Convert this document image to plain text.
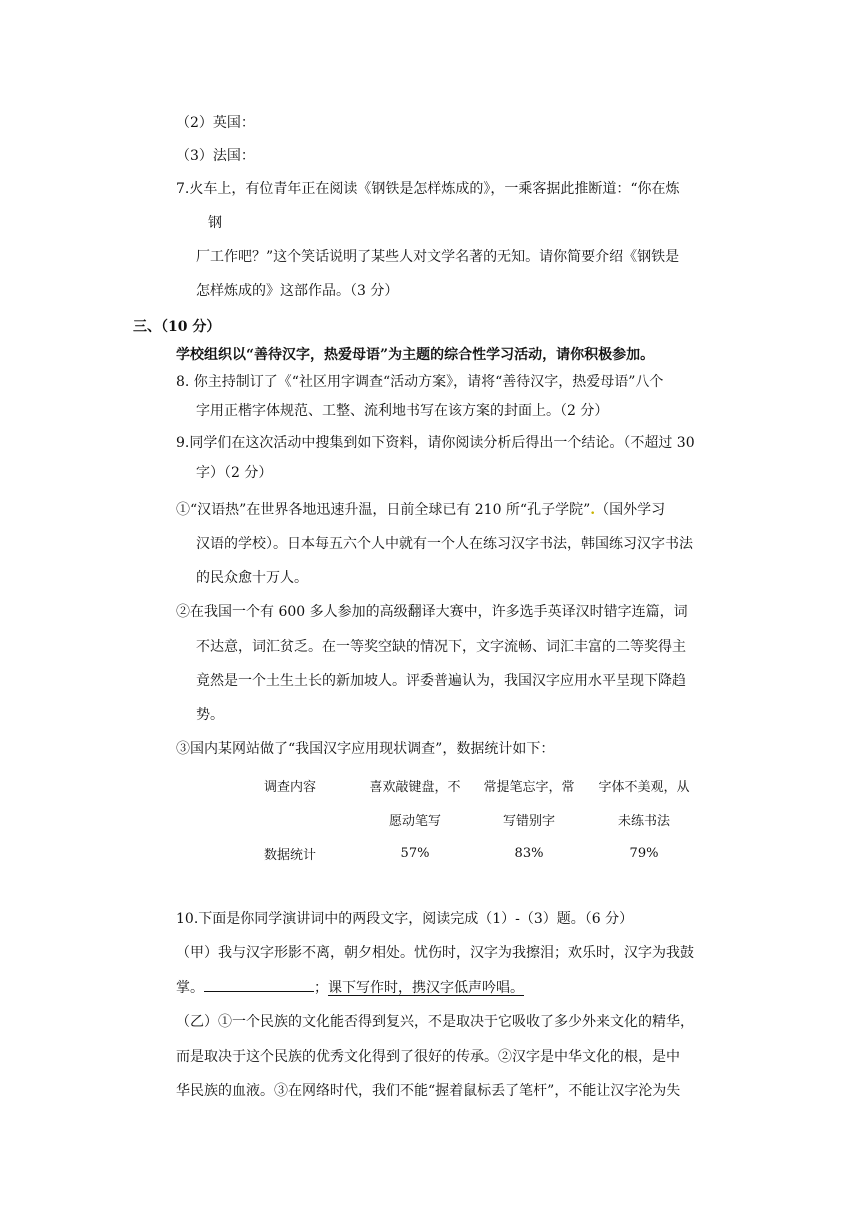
（2）英国：
（3）法国：
7.火车上，有位青年正在阅读《钢铁是怎样炼成的》，一乘客据此推断道：“你在炼
钢
厂工作吧？”这个笑话说明了某些人对文学名著的无知。请你简要介绍《钢铁是
怎样炼成的》这部作品。（3 分）
三、（10 分）
学校组织以“善待汉字，热爱母语”为主题的综合性学习活动，请你积极参加。
8. 你主持制订了《“社区用字调查“活动方案》，请将“善待汉字，热爱母语”八个
字用正楷字体规范、工整、流利地书写在该方案的封面上。（2 分）
9.同学们在这次活动中搜集到如下资料，请你阅读分析后得出一个结论。（不超过 30
字）（2 分）
①“汉语热”在世界各地迅速升温，日前全球已有 210 所“孔子学院”.（国外学习
汉语的学校）。日本每五六个人中就有一个人在练习汉字书法，韩国练习汉字书法
的民众愈十万人。
②在我国一个有 600 多人参加的高级翻译大赛中，许多选手英译汉时错字连篇，词
不达意，词汇贫乏。在一等奖空缺的情况下，文字流畅、词汇丰富的二等奖得主
竟然是一个土生土长的新加坡人。评委普遍认为，我国汉字应用水平呈现下降趋
势。
③国内某网站做了“我国汉字应用现状调查”，数据统计如下：
调查内容	喜欢敲键盘，不	常提笔忘字，常	字体不美观，从
	愿动笔写	写错别字	未练书法
数据统计	57%	83%	79%
10.下面是你同学演讲词中的两段文字，阅读完成（1）-（3）题。（6 分）
（甲）我与汉字形影不离，朝夕相处。忧伤时，汉字为我擦泪；欢乐时，汉字为我鼓
掌。	；课下写作时，携汉字低声吟唱。
（乙）①一个民族的文化能否得到复兴，不是取决于它吸收了多少外来文化的精华，
而是取决于这个民族的优秀文化得到了很好的传承。②汉字是中华文化的根，是中
华民族的血液。③在网络时代，我们不能“握着鼠标丢了笔杆”，不能让汉字沦为失
